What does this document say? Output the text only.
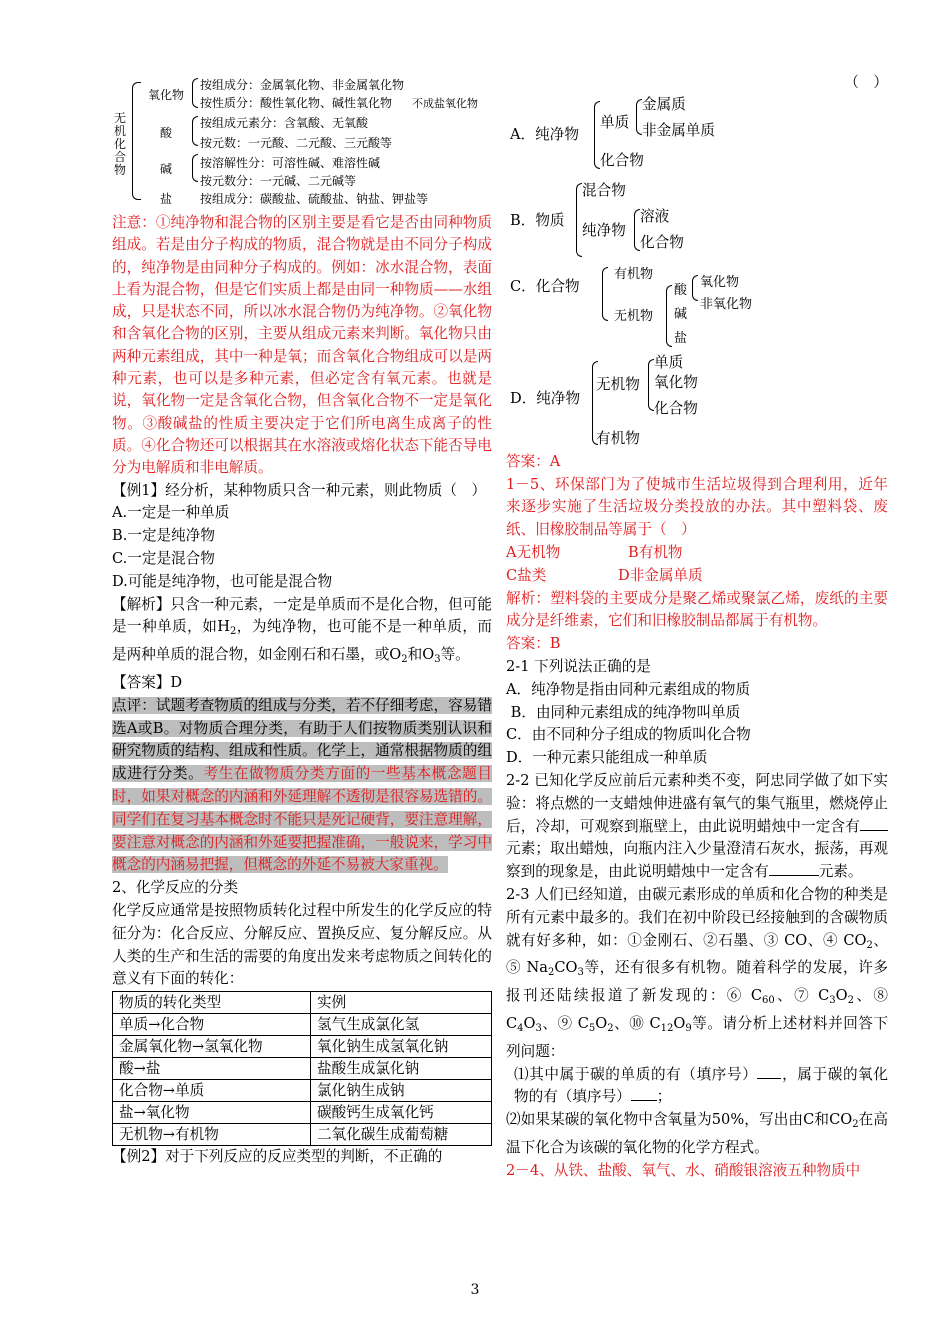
无机化合物
氧化物
按组成分：金属氧化物、非金属氧化物
按性质分：酸性氧化物、碱性氧化物 不成盐氧化物
酸
按组成元素分：含氧酸、无氧酸
按元数：一元酸、二元酸、三元酸等
碱 按溶解性分：可溶性碱、难溶性碱
按元数分：一元碱、二元碱等
盐 按组成分：碳酸盐、硫酸盐、钠盐、钾盐等

注意：①纯净物和混合物的区别主要是看它是否由同种物质组成。若是由分子构成的物质，混合物就是由不同分子构成的，纯净物是由同种分子构成的。例如：冰水混合物，表面上看为混合物，但是它们实质上都是由同一种物质——水组成，只是状态不同，所以冰水混合物仍为纯净物。②氧化物和含氧化合物的区别，主要从组成元素来判断。氧化物只由两种元素组成，其中一种是氧；而含氧化合物组成可以是两种元素，也可以是多种元素，但必定含有氧元素。也就是说，氧化物一定是含氧化合物，但含氧化合物不一定是氧化物。③酸碱盐的性质主要决定于它们所电离生成离子的性质。④化合物还可以根据其在水溶液或熔化状态下能否导电分为电解质和非电解质。

【例1】经分析，某种物质只含一种元素，则此物质（　）

A.一定是一种单质

B.一定是纯净物

C.一定是混合物

D.可能是纯净物，也可能是混合物

【解析】只含一种元素，一定是单质而不是化合物，但可能是一种单质，如$H_2$，为纯净物，也可能不是一种单质，而是两种单质的混合物，如金刚石和石墨，或$O_2$和$O_3$等。

【答案】D

点评：试题考查物质的组成与分类，若不仔细考虑，容易错选A或B。对物质合理分类，有助于人们按物质类别认识和研究物质的结构、组成和性质。化学上，通常根据物质的组成进行分类。考生在做物质分类方面的一些基本概念题目时，如果对概念的内涵和外延理解不透彻是很容易选错的。同学们在复习基本概念时不能只是死记硬背，要注意理解，要注意对概念的内涵和外延要把握准确，一般说来，学习中概念的内涵易把握，但概念的外延不易被大家重视。

2、化学反应的分类

化学反应通常是按照物质转化过程中所发生的化学反应的特征分为：化合反应、分解反应、置换反应、复分解反应。从人类的生产和生活的需要的角度出发来考虑物质之间转化的意义有下面的转化：

物质的转化类型	实例
单质→化合物	氢气生成氯化氢
金属氧化物→氢氧化物	氧化钠生成氢氧化钠
酸→盐	盐酸生成氯化钠
化合物→单质	氯化钠生成钠
盐→氧化物	碳酸钙生成氧化钙
无机物→有机物	二氧化碳生成葡萄糖

【例2】对于下列反应的反应类型的判断，不正确的

（　）

A．纯净物
单质
金属质
非金属单质
化合物
B．物质
混合物
纯净物
溶液
化合物
C．化合物
有机物
无机物
酸
碱
盐
氧化物
非氧化物
D．纯净物
无机物
单质
氧化物
化合物
有机物

答案：A

1－5、环保部门为了使城市生活垃圾得到合理利用，近年来逐步实施了生活垃圾分类投放的办法。其中塑料袋、废纸、旧橡胶制品等属于（　）

A无机物	B有机物

C盐类	D非金属单质

解析：塑料袋的主要成分是聚乙烯或聚氯乙烯，废纸的主要成分是纤维素，它们和旧橡胶制品都属于有机物。

答案：B

2-1 下列说法正确的是

A．纯净物是指由同种元素组成的物质

B．由同种元素组成的纯净物叫单质

C．由不同种分子组成的物质叫化合物

D．一种元素只能组成一种单质

2-2 已知化学反应前后元素种类不变，阿忠同学做了如下实验：将点燃的一支蜡烛伸进盛有氧气的集气瓶里，燃烧停止后，冷却，可观察到瓶壁上，由此说明蜡烛中一定含有元素；取出蜡烛，向瓶内注入少量澄清石灰水，振荡，再观察到的现象是，由此说明蜡烛中一定含有	元素。

2-3 人们已经知道，由碳元素形成的单质和化合物的种类是所有元素中最多的。我们在初中阶段已经接触到的含碳物质就有好多种，如：①金刚石、②石墨、③ CO、④ $CO_2$、⑤ $Na_2CO_3$等，还有很多有机物。随着科学的发展，许多报刊还陆续报道了新发现的：⑥ $C_{60}$、⑦ $C_3O_2$、⑧ $C_4O_3$、⑨ $C_5O_2$、⑩ $C_{12}O_9$等。请分析上述材料并回答下列问题：

⑴其中属于碳的单质的有（填序号） ，属于碳的氧化物的有（填序号） ；

⑵如果某碳的氧化物中含氧量为50%，写出由C和$CO_2$在高温下化合为该碳的氧化物的化学方程式。

2－4、从铁、盐酸、氧气、水、硝酸银溶液五种物质中

3
